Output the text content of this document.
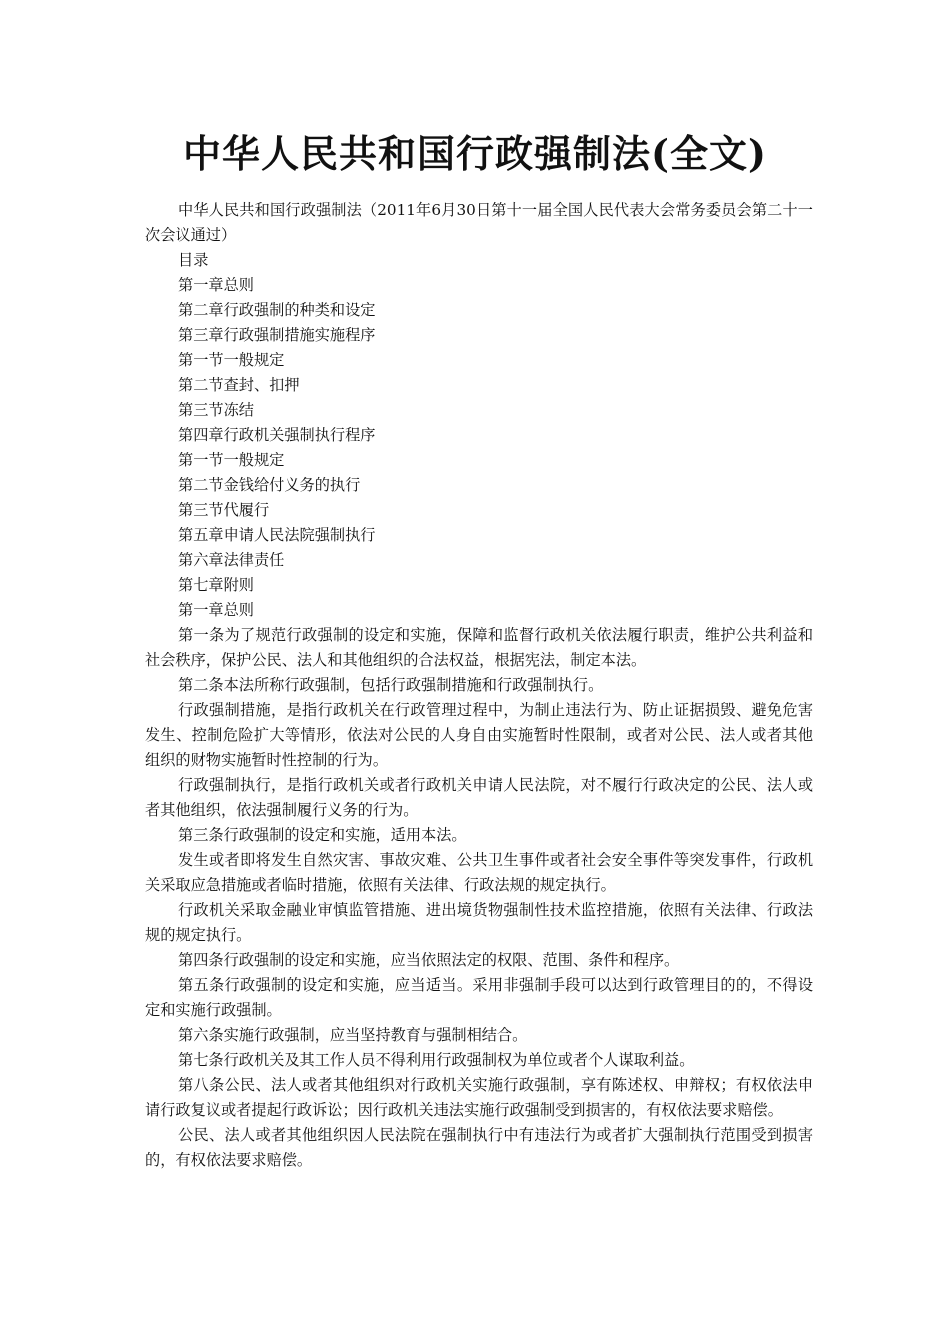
中华人民共和国行政强制法(全文)

中华人民共和国行政强制法（2011年6月30日第十一届全国人民代表大会常务委员会第二十一次会议通过）

目录

第一章总则

第二章行政强制的种类和设定

第三章行政强制措施实施程序

第一节一般规定

第二节查封、扣押

第三节冻结

第四章行政机关强制执行程序

第一节一般规定

第二节金钱给付义务的执行

第三节代履行

第五章申请人民法院强制执行

第六章法律责任

第七章附则

第一章总则

第一条为了规范行政强制的设定和实施，保障和监督行政机关依法履行职责，维护公共利益和社会秩序，保护公民、法人和其他组织的合法权益，根据宪法，制定本法。

第二条本法所称行政强制，包括行政强制措施和行政强制执行。

行政强制措施，是指行政机关在行政管理过程中，为制止违法行为、防止证据损毁、避免危害发生、控制危险扩大等情形，依法对公民的人身自由实施暂时性限制，或者对公民、法人或者其他组织的财物实施暂时性控制的行为。

行政强制执行，是指行政机关或者行政机关申请人民法院，对不履行行政决定的公民、法人或者其他组织，依法强制履行义务的行为。

第三条行政强制的设定和实施，适用本法。

发生或者即将发生自然灾害、事故灾难、公共卫生事件或者社会安全事件等突发事件，行政机关采取应急措施或者临时措施，依照有关法律、行政法规的规定执行。

行政机关采取金融业审慎监管措施、进出境货物强制性技术监控措施，依照有关法律、行政法规的规定执行。

第四条行政强制的设定和实施，应当依照法定的权限、范围、条件和程序。

第五条行政强制的设定和实施，应当适当。采用非强制手段可以达到行政管理目的的，不得设定和实施行政强制。

第六条实施行政强制，应当坚持教育与强制相结合。

第七条行政机关及其工作人员不得利用行政强制权为单位或者个人谋取利益。

第八条公民、法人或者其他组织对行政机关实施行政强制，享有陈述权、申辩权；有权依法申请行政复议或者提起行政诉讼；因行政机关违法实施行政强制受到损害的，有权依法要求赔偿。

公民、法人或者其他组织因人民法院在强制执行中有违法行为或者扩大强制执行范围受到损害的，有权依法要求赔偿。
